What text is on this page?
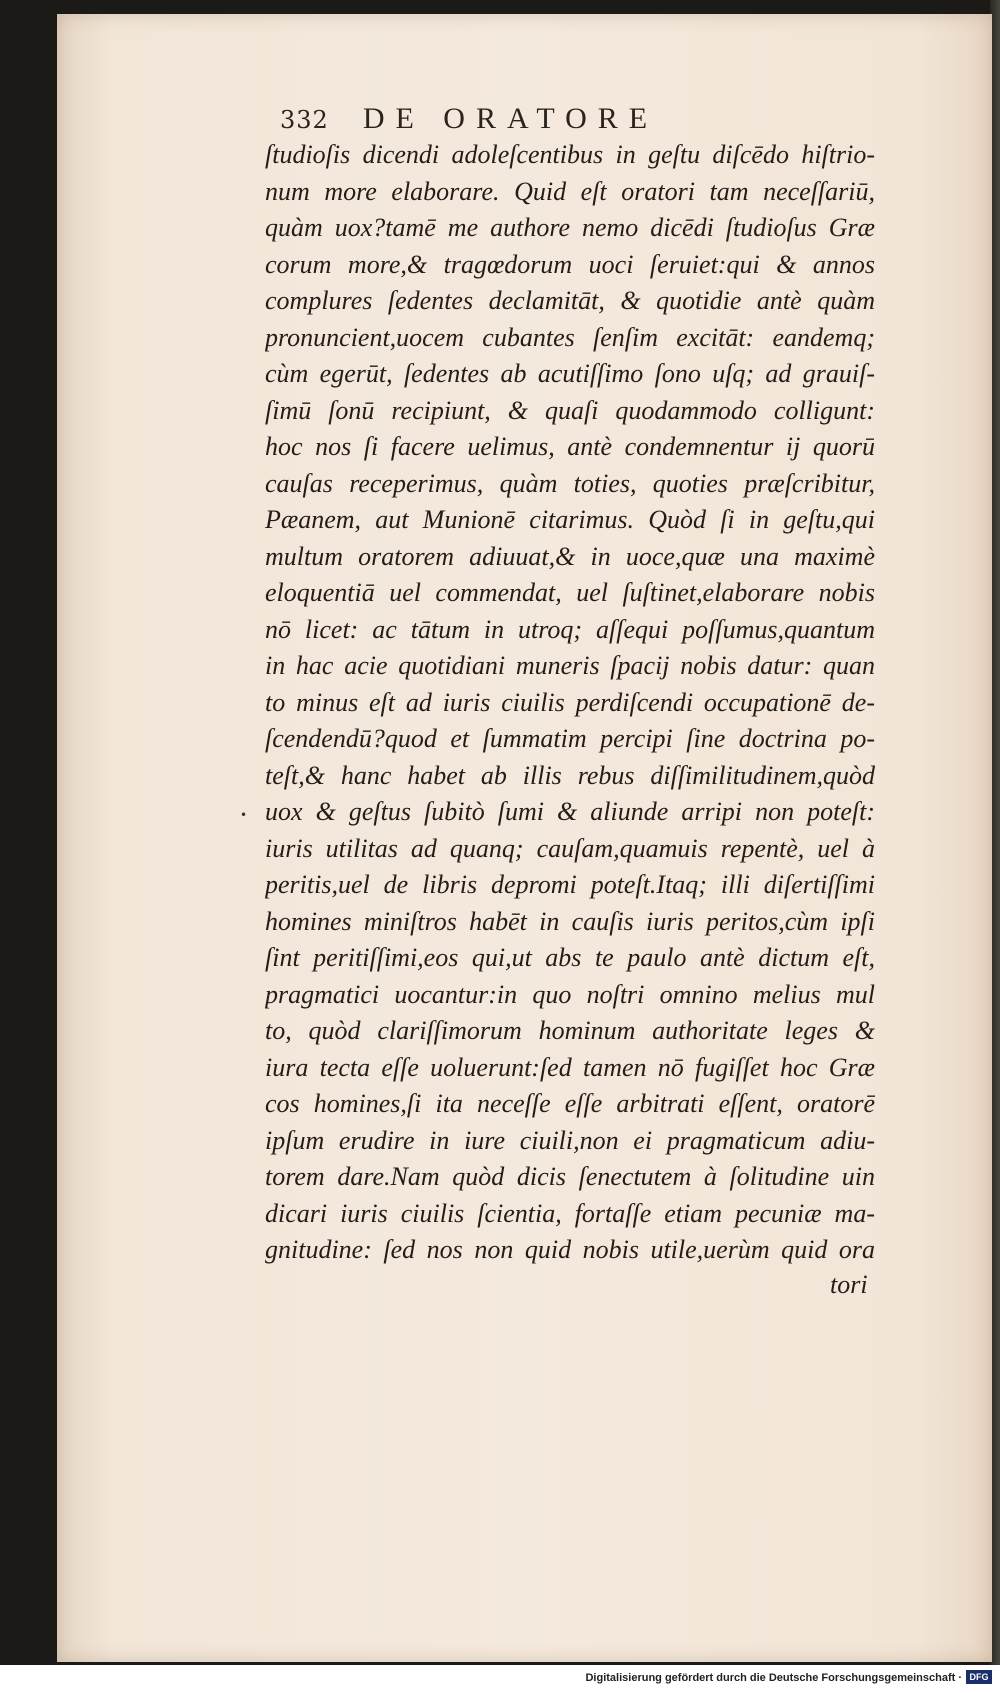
332 DE ORATORE
ſtudioſis dicendi adoleſcentibus in geſtu diſcēdo hiſtrio-
num more elaborare. Quid eſt oratori tam neceſſariū,
quàm uox?tamē me authore nemo dicēdi ſtudioſus Græ
corum more,& tragœdorum uoci ſeruiet:qui & annos
complures ſedentes declamitāt, & quotidie antè quàm
pronuncient,uocem cubantes ſenſim excitāt: eandemq;
cùm egerūt, ſedentes ab acutiſſimo ſono uſq; ad grauiſ-
ſimū ſonū recipiunt, & quaſi quodammodo colligunt:
hoc nos ſi facere uelimus, antè condemnentur ij quorū
cauſas receperimus, quàm toties, quoties præſcribitur,
Pæanem, aut Munionē citarimus. Quòd ſi in geſtu,qui
multum oratorem adiuuat,& in uoce,quæ una maximè
eloquentiā uel commendat, uel ſuſtinet,elaborare nobis
nō licet: ac tātum in utroq; aſſequi poſſumus,quantum
in hac acie quotidiani muneris ſpacij nobis datur: quan
to minus eſt ad iuris ciuilis perdiſcendi occupationē de-
ſcendendū?quod et ſummatim percipi ſine doctrina po-
teſt,& hanc habet ab illis rebus diſſimilitudinem,quòd
uox & geſtus ſubitò ſumi & aliunde arripi non poteſt:
iuris utilitas ad quanq; cauſam,quamuis repentè, uel à
peritis,uel de libris depromi poteſt.Itaq; illi diſertiſſimi
homines miniſtros habēt in cauſis iuris peritos,cùm ipſi
ſint peritiſſimi,eos qui,ut abs te paulo antè dictum eſt,
pragmatici uocantur:in quo noſtri omnino melius mul
to, quòd clariſſimorum hominum authoritate leges &
iura tecta eſſe uoluerunt:ſed tamen nō fugiſſet hoc Græ
cos homines,ſi ita neceſſe eſſe arbitrati eſſent, oratorē
ipſum erudire in iure ciuili,non ei pragmaticum adiu-
torem dare.Nam quòd dicis ſenectutem à ſolitudine uin
dicari iuris ciuilis ſcientia, fortaſſe etiam pecuniæ ma-
gnitudine: ſed nos non quid nobis utile,uerùm quid ora
•
tori
Digitalisierung gefördert durch die Deutsche Forschungsgemeinschaft · DFG
